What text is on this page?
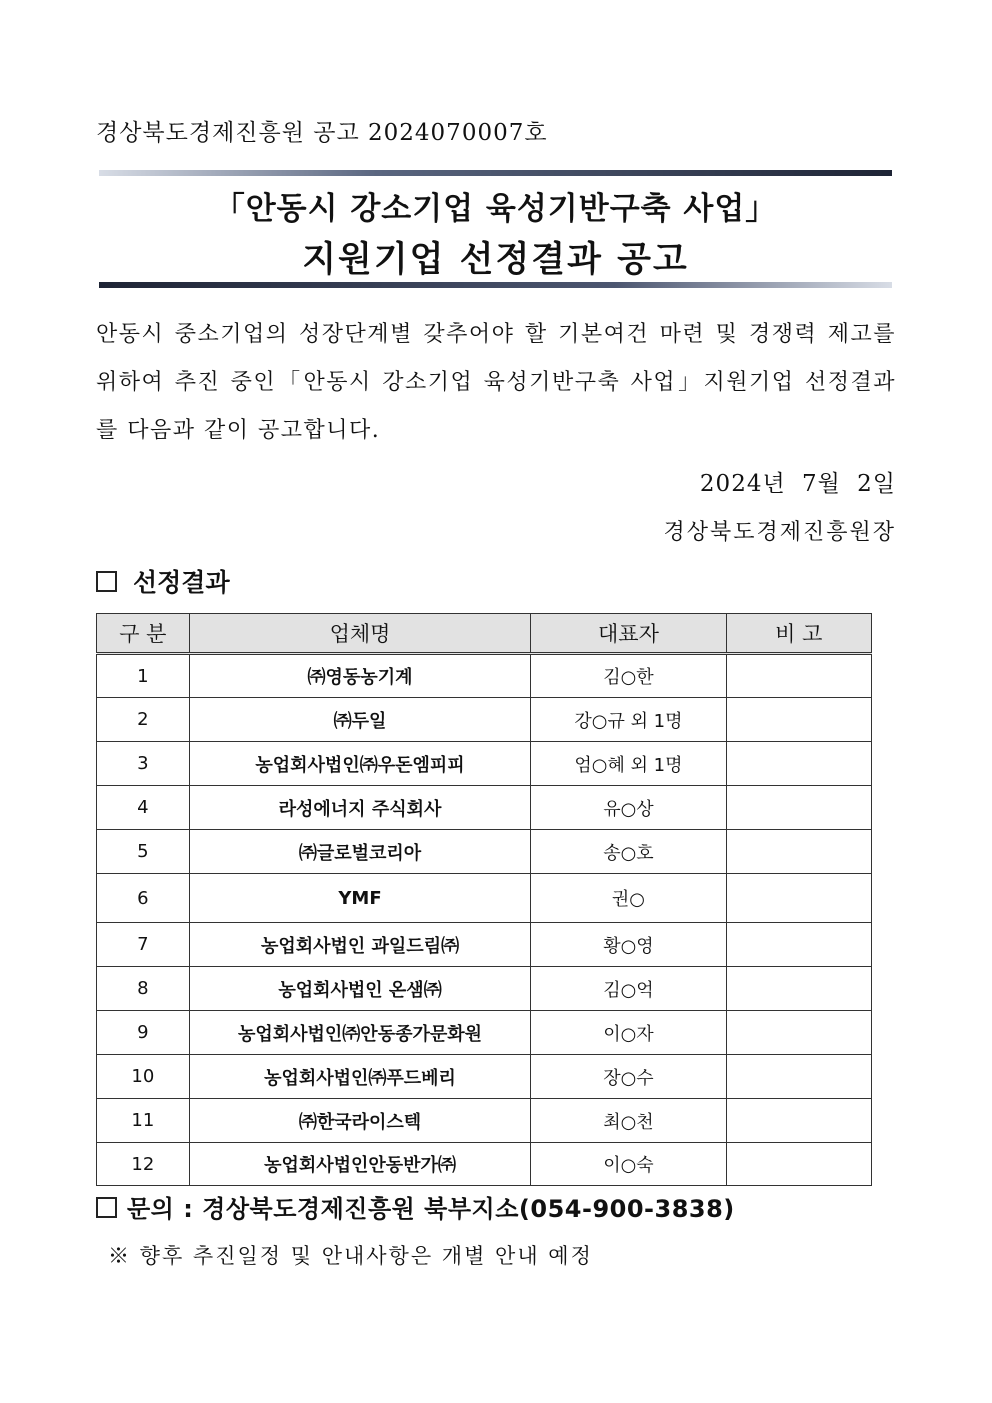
경상북도경제진흥원 공고 2024070007호
「안동시 강소기업 육성기반구축 사업」
지원기업 선정결과 공고
안동시 중소기업의 성장단계별 갖추어야 할 기본여건 마련 및 경쟁력 제고를 위하여 추진 중인「안동시 강소기업 육성기반구축 사업」지원기업 선정결과를 다음과 같이 공고합니다.
2024년 7월 2일
경상북도경제진흥원장
선정결과
구 분	업체명	대표자	비 고
1	㈜영동농기계	김○한	
2	㈜두일	강○규 외 1명	
3	농업회사법인㈜우돈엠피피	엄○혜 외 1명	
4	라성에너지 주식회사	유○상	
5	㈜글로벌코리아	송○호	
6	YMF	권○	
7	농업회사법인 과일드림㈜	황○영	
8	농업회사법인 온샘㈜	김○억	
9	농업회사법인㈜안동종가문화원	이○자	
10	농업회사법인㈜푸드베리	장○수	
11	㈜한국라이스텍	최○천	
12	농업회사법인안동반가㈜	이○숙	
문의 : 경상북도경제진흥원 북부지소(054-900-3838)
※ 향후 추진일정 및 안내사항은 개별 안내 예정
